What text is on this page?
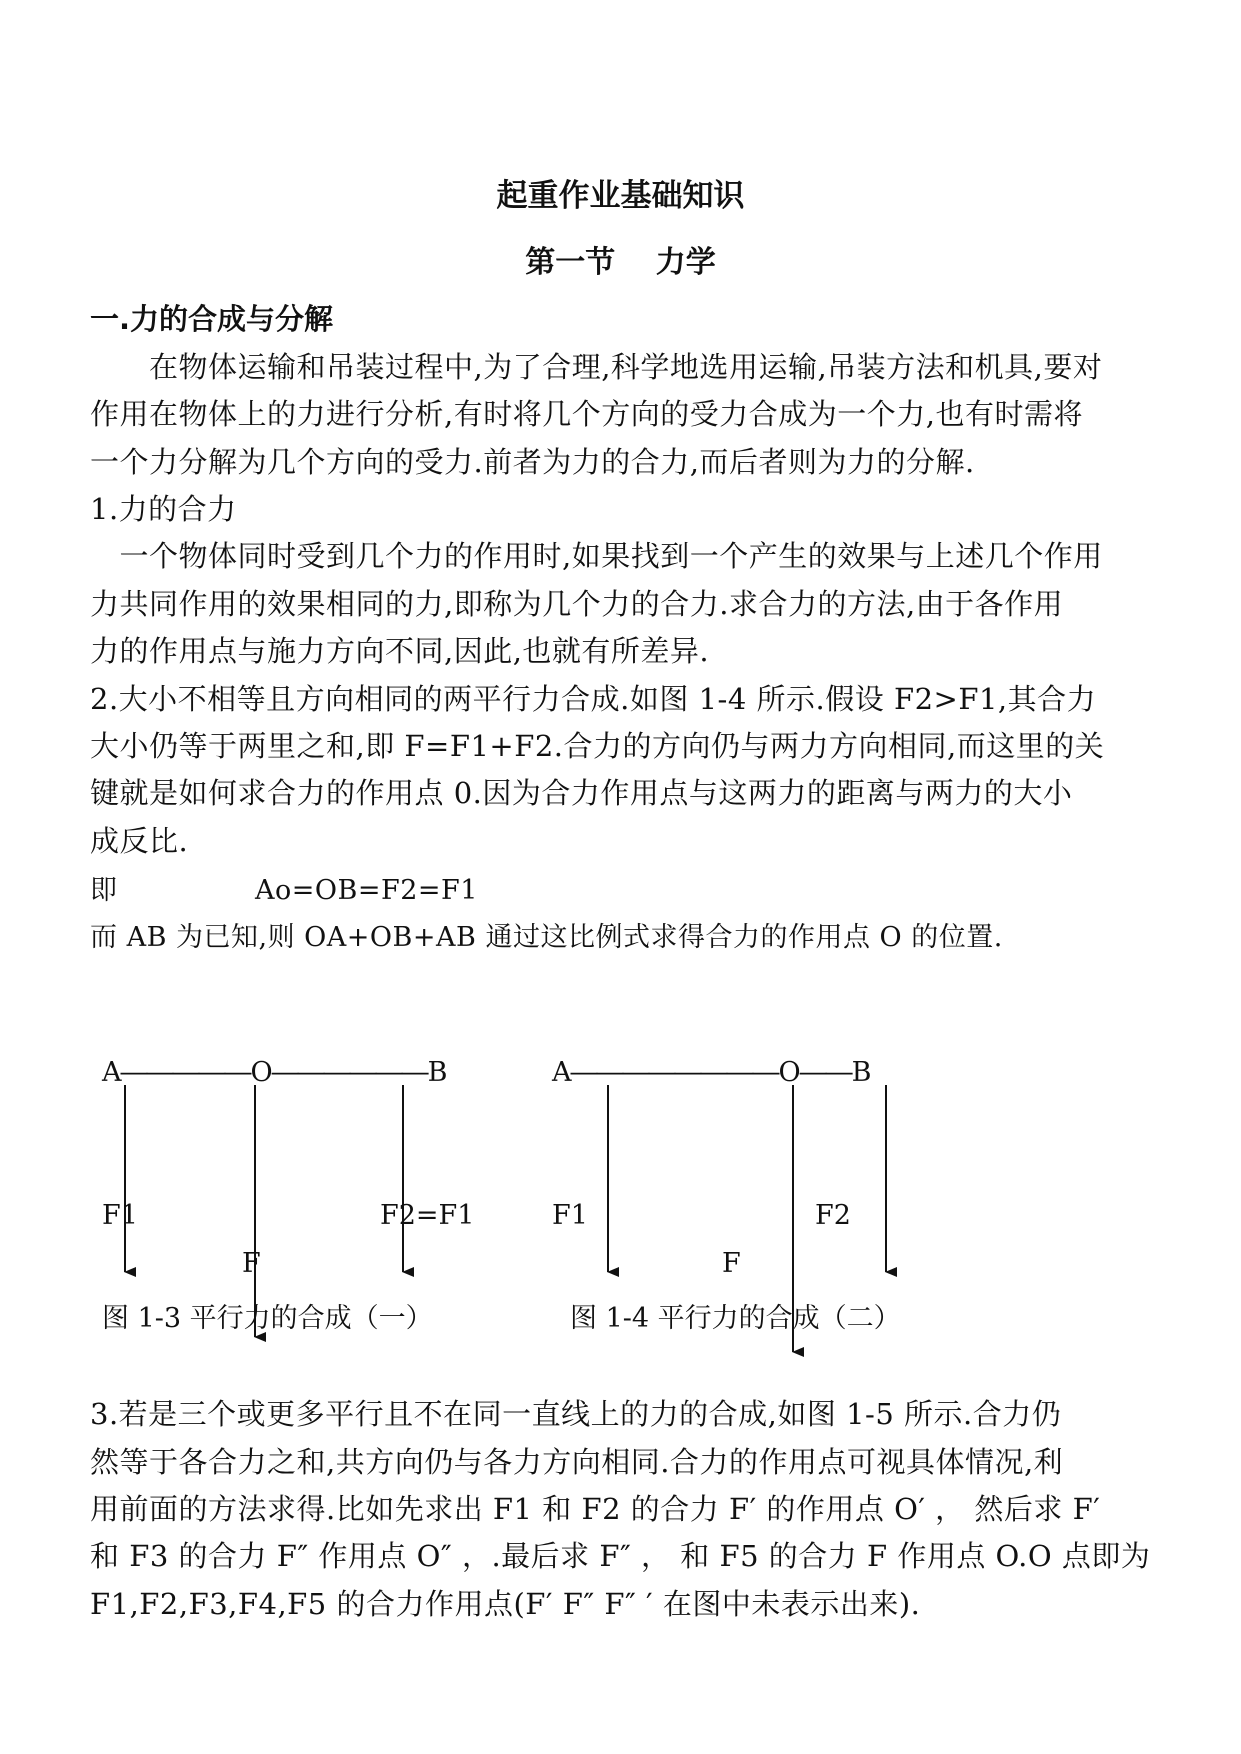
起重作业基础知识
第一节　 力学
一.力的合成与分解
　　在物体运输和吊装过程中,为了合理,科学地选用运输,吊装方法和机具,要对
作用在物体上的力进行分析,有时将几个方向的受力合成为一个力,也有时需将
一个力分解为几个方向的受力.前者为力的合力,而后者则为力的分解.
1.力的合力
　一个物体同时受到几个力的作用时,如果找到一个产生的效果与上述几个作用
力共同作用的效果相同的力,即称为几个力的合力.求合力的方法,由于各作用
力的作用点与施力方向不同,因此,也就有所差异.
2.大小不相等且方向相同的两平行力合成.如图 1-4 所示.假设 F2>F1,其合力
大小仍等于两里之和,即 F=F1+F2.合力的方向仍与两力方向相同,而这里的关
键就是如何求合力的作用点 0.因为合力作用点与这两力的距离与两力的大小
成反比.
即　　　　　Ao=OB=F2=F1
而 AB 为已知,则 OA+OB+AB 通过这比例式求得合力的作用点 O 的位置.
A―――――O――――――B
F1	F2=F1
F
图 1-3 平行力的合成（一）
A――――――――O――B
F1	F2
F
图 1-4 平行力的合成（二）
3.若是三个或更多平行且不在同一直线上的力的合成,如图 1-5 所示.合力仍
然等于各合力之和,共方向仍与各力方向相同.合力的作用点可视具体情况,利
用前面的方法求得.比如先求出 F1 和 F2 的合力 F′ 的作用点 O′ ， 然后求 F′
和 F3 的合力 F″ 作用点 O″ ，.最后求 F″ ， 和 F5 的合力 F 作用点 O.O 点即为
F1,F2,F3,F4,F5 的合力作用点(F′ F″ F″ ′ 在图中未表示出来).
